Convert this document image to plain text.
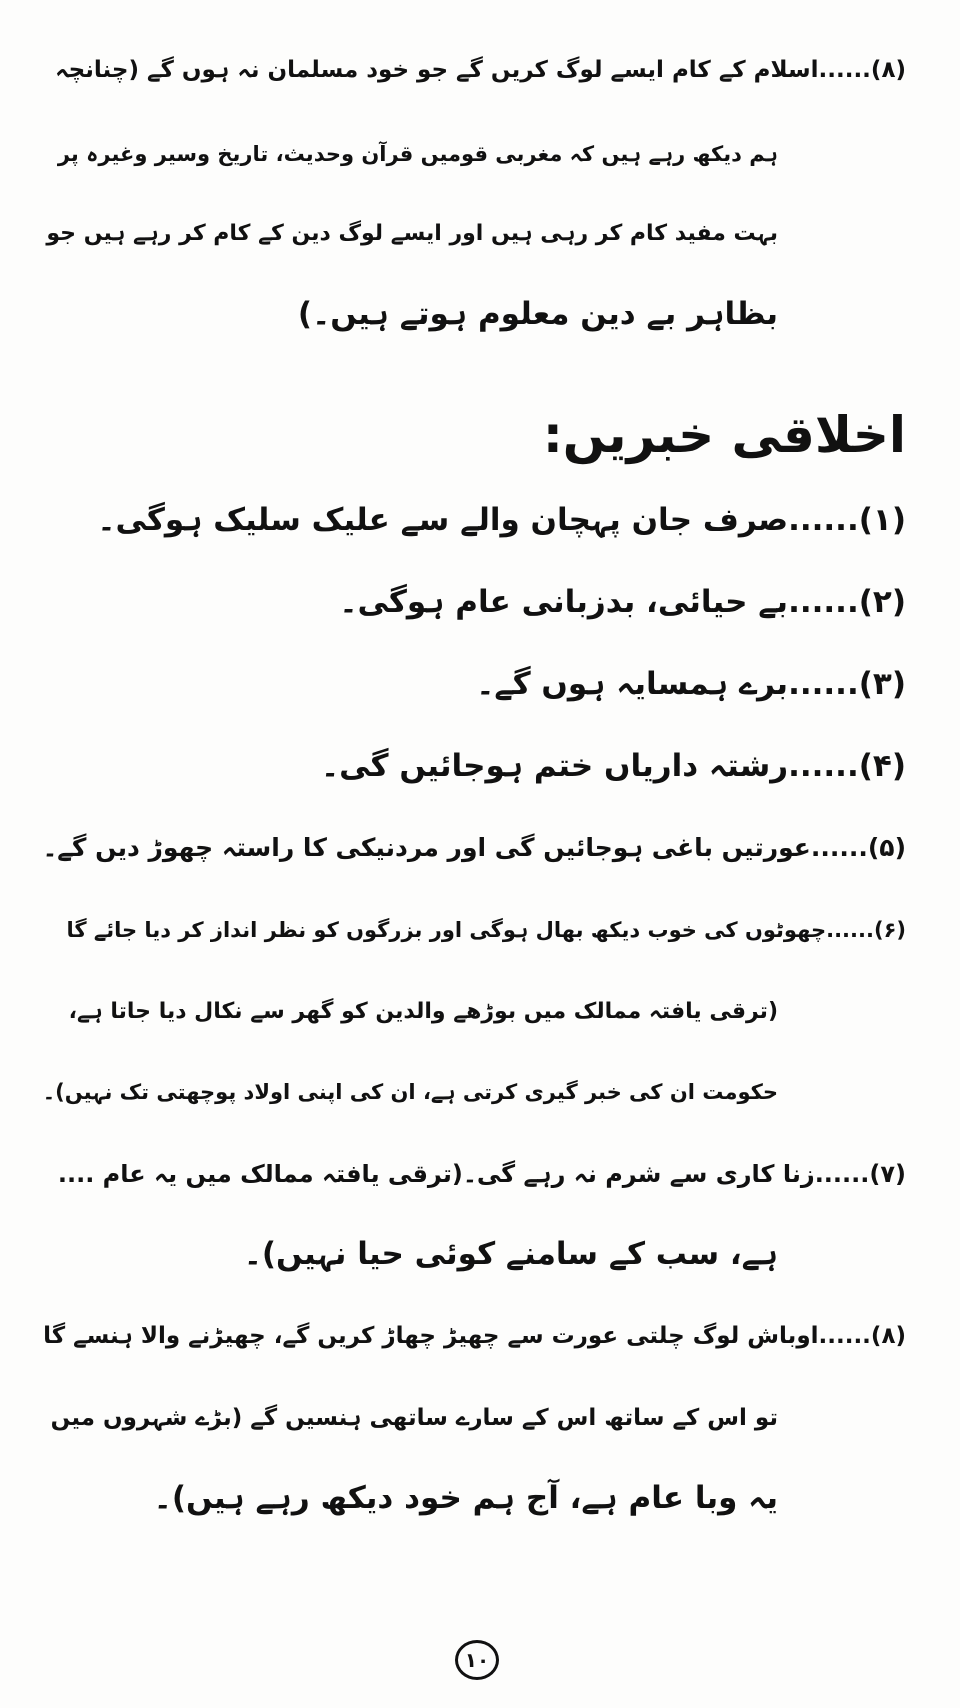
(۸)......اسلام کے کام ایسے لوگ کریں گے جو خود مسلمان نہ ہوں گے (چنانچہ
ہم دیکھ رہے ہیں کہ مغربی قومیں قرآن وحدیث، تاریخ وسیر وغیرہ پر
بہت مفید کام کر رہی ہیں اور ایسے لوگ دین کے کام کر رہے ہیں جو
بظاہر بے دین معلوم ہوتے ہیں۔)
اخلاقی خبریں:
(۱)......صرف جان پہچان والے سے علیک سلیک ہوگی۔
(۲)......بے حیائی، بدزبانی عام ہوگی۔
(۳)......برے ہمسایہ ہوں گے۔
(۴)......رشتہ داریاں ختم ہوجائیں گی۔
(۵)......عورتیں باغی ہوجائیں گی اور مردنیکی کا راستہ چھوڑ دیں گے۔
(۶)......چھوٹوں کی خوب دیکھ بھال ہوگی اور بزرگوں کو نظر انداز کر دیا جائے گا
(ترقی یافتہ ممالک میں بوڑھے والدین کو گھر سے نکال دیا جاتا ہے،
حکومت ان کی خبر گیری کرتی ہے، ان کی اپنی اولاد پوچھتی تک نہیں)۔
(۷)......زنا کاری سے شرم نہ رہے گی۔(ترقی یافتہ ممالک میں یہ عام ....
ہے، سب کے سامنے کوئی حیا نہیں)۔
(۸)......اوباش لوگ چلتی عورت سے چھیڑ چھاڑ کریں گے، چھیڑنے والا ہنسے گا
تو اس کے ساتھ اس کے سارے ساتھی ہنسیں گے (بڑے شہروں میں
یہ وبا عام ہے، آج ہم خود دیکھ رہے ہیں)۔
١٠
